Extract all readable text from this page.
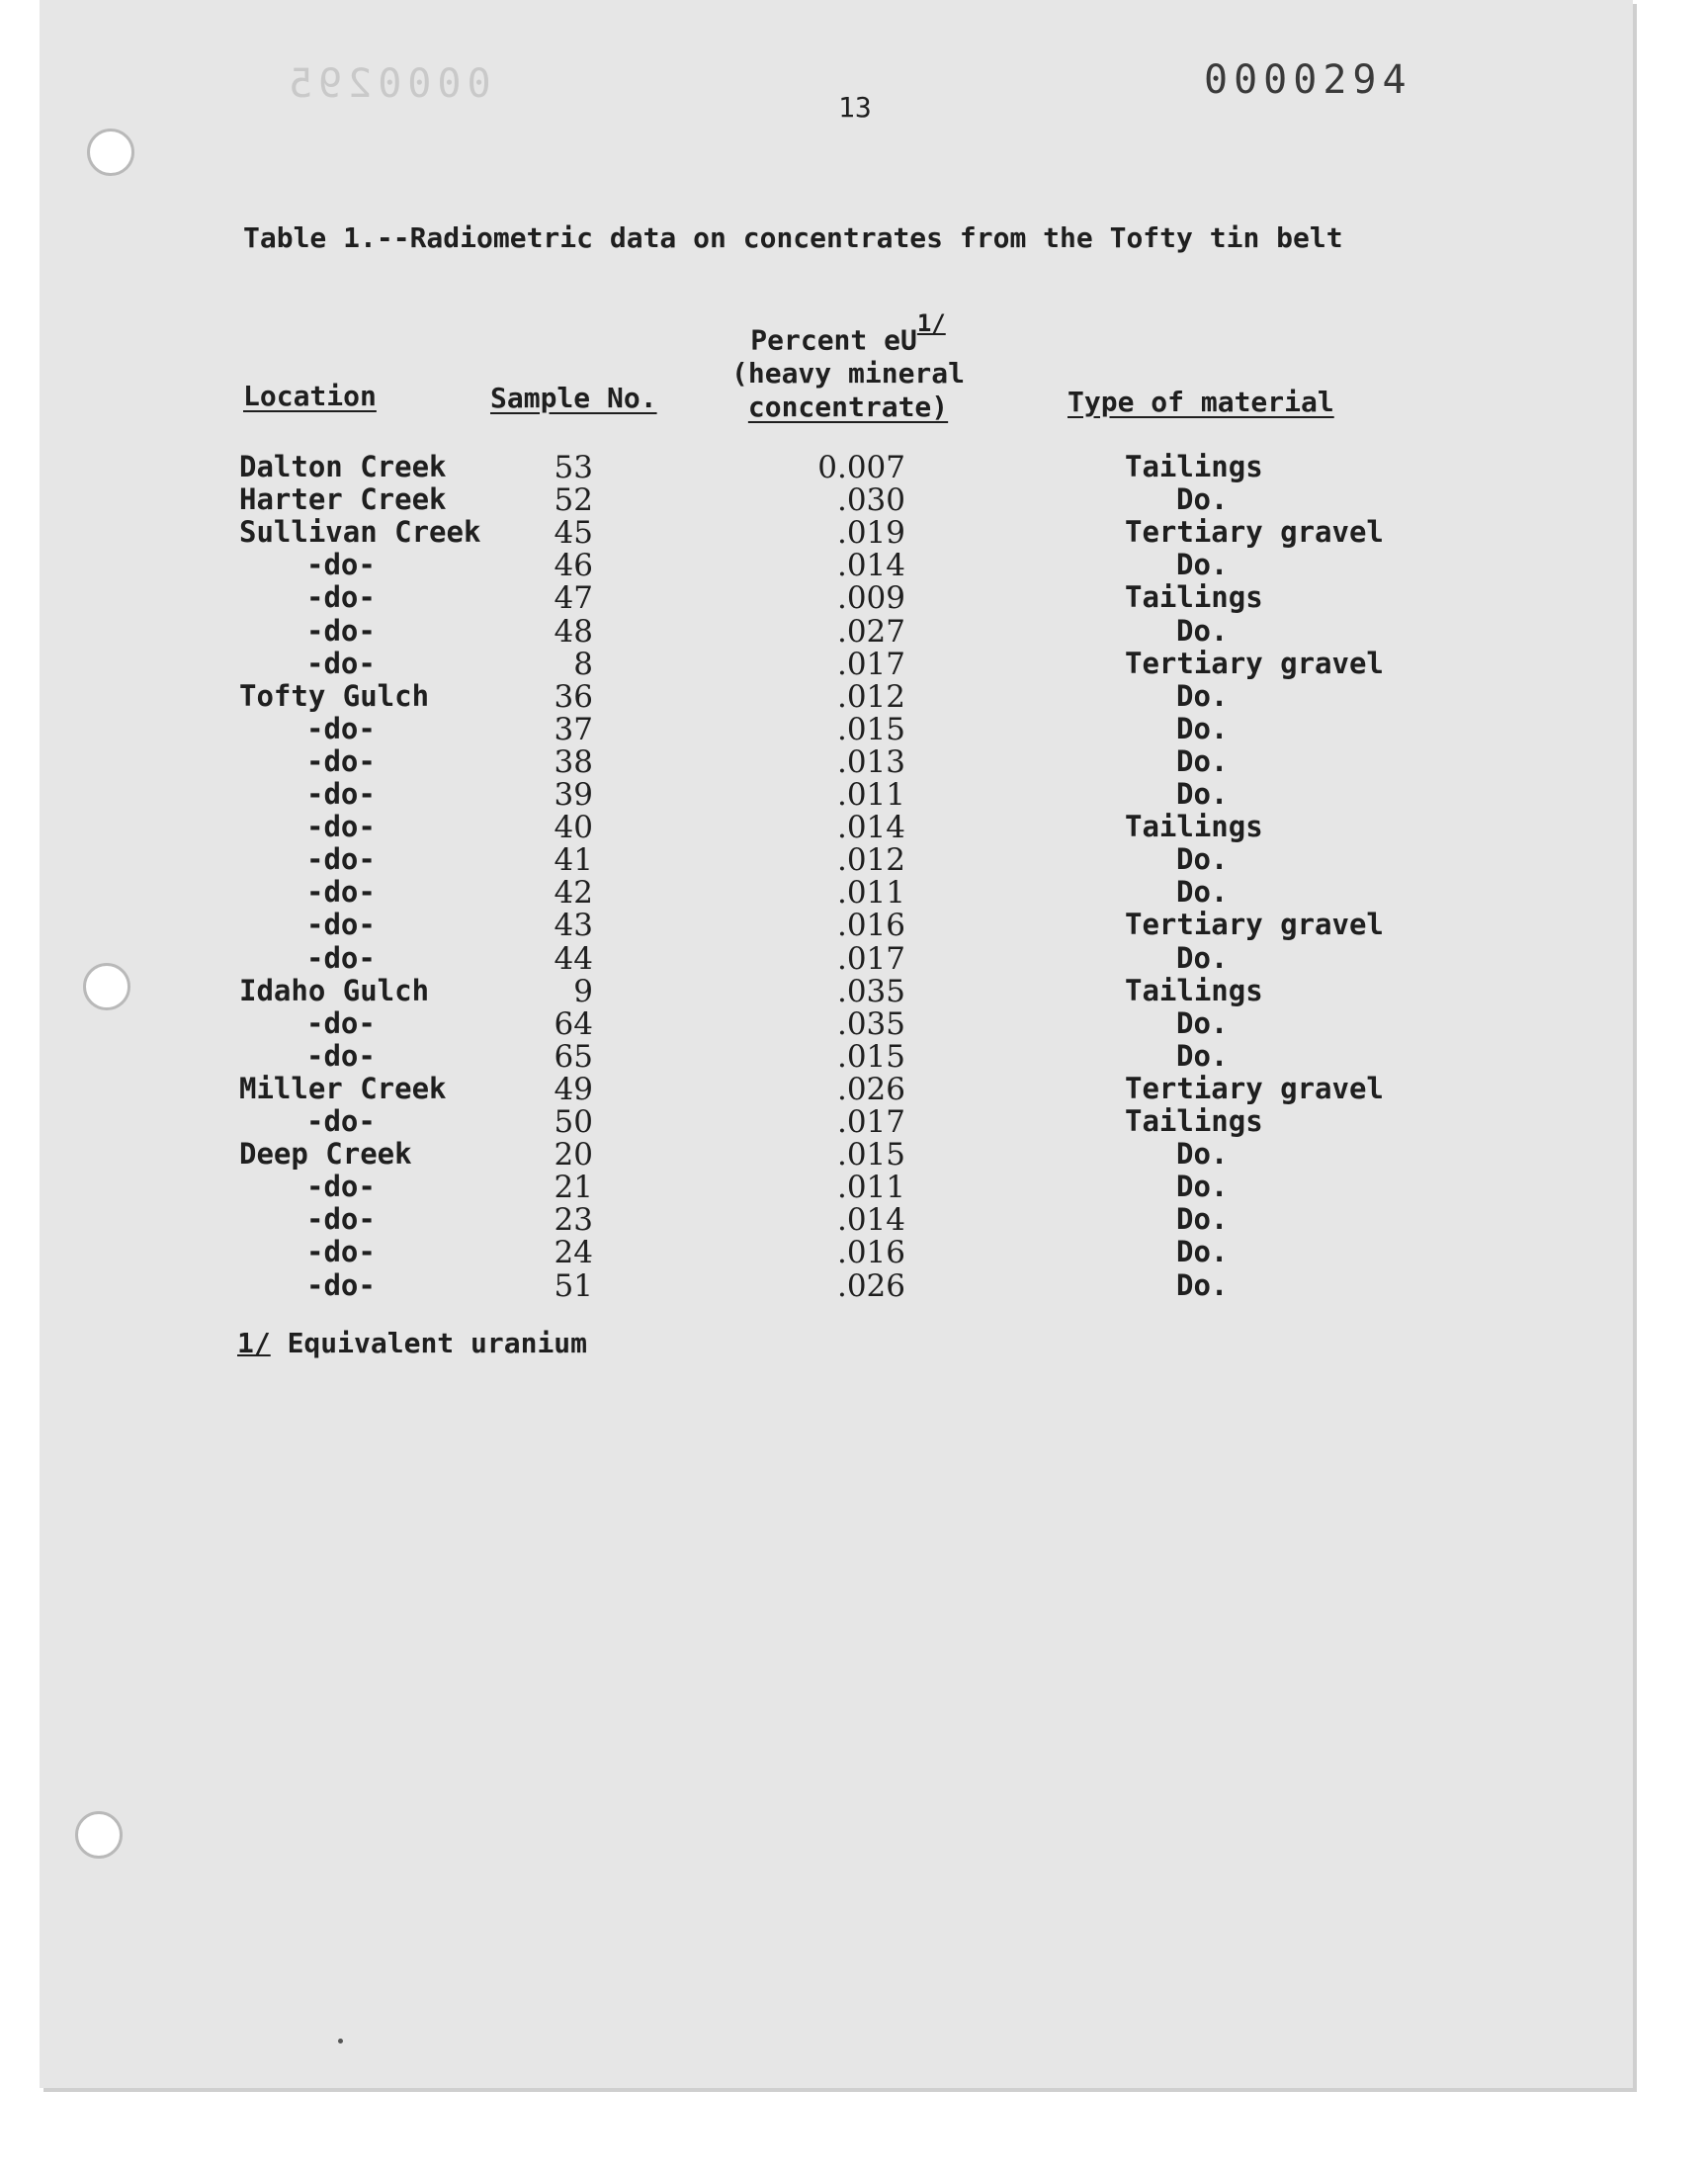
0000295	0000294
13
Table 1.--Radiometric data on concentrates from the Tofty tin belt
Location	Sample No.
Percent $eU^{1/}$
(heavy mineral
concentrate)	Type of material
Dalton Creek	53	0.007	Tailings
Harter Creek	52	.030	Do.
Sullivan Creek 45	.019	Tertiary gravel
-do-	46	.014	Do.
-do-	47	.009	Tailings
-do-	48	.027	Do.
-do-	8	.017	Tertiary gravel
Tofty Gulch	36	.012	Do.
-do-	37	.015	Do.
-do-	38	.013	Do.
-do-	39	.011	Do.
-do-	40	.014	Tailings
-do-	41	.012	Do.
-do-	42	.011	Do.
-do-	43	.016	Tertiary gravel
-do-	44	.017	Do.
Idaho Gulch	9	.035	Tailings
-do-	64	.035	Do.
-do-	65	.015	Do.
Miller Creek	49	.026	Tertiary gravel
-do-	50	.017	Tailings
Deep Creek	20	.015	Do.
-do-	21	.011	Do.
-do-	23	.014	Do.
-do-	24	.016	Do.
-do-	51	.026	Do.
1/ Equivalent uranium
